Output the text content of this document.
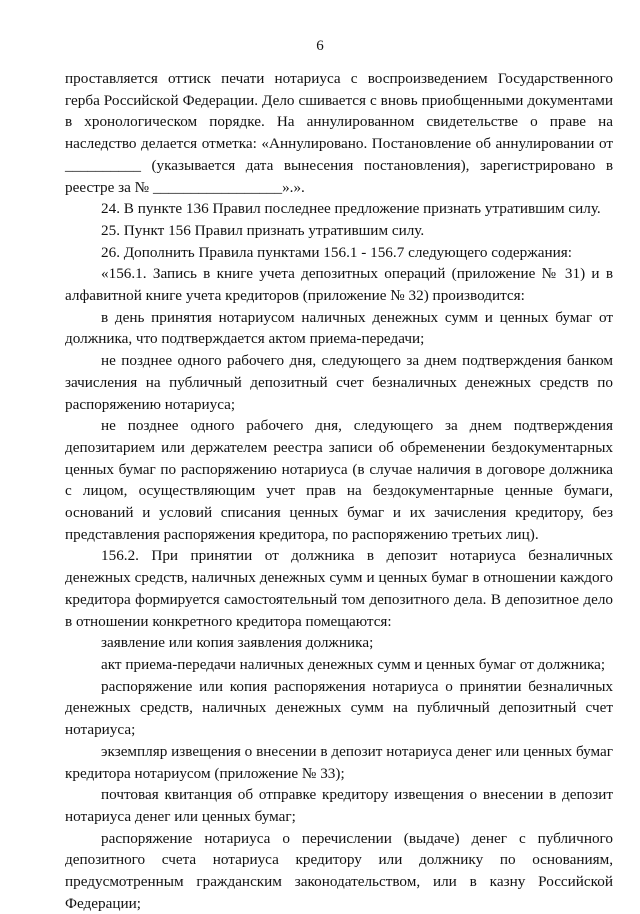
6

проставляется оттиск печати нотариуса с воспроизведением Государственного герба Российской Федерации. Дело сшивается с вновь приобщенными документами в хронологическом порядке. На аннулированном свидетельстве о праве на наследство делается отметка: «Аннулировано. Постановление об аннулировании от __________ (указывается дата вынесения постановления), зарегистрировано в реестре за № _________________».».

24. В пункте 136 Правил последнее предложение признать утратившим силу.

25. Пункт 156 Правил признать утратившим силу.

26. Дополнить Правила пунктами 156.1 - 156.7 следующего содержания:

«156.1. Запись в книге учета депозитных операций (приложение № 31) и в алфавитной книге учета кредиторов (приложение № 32) производится:

в день принятия нотариусом наличных денежных сумм и ценных бумаг от должника, что подтверждается актом приема-передачи;

не позднее одного рабочего дня, следующего за днем подтверждения банком зачисления на публичный депозитный счет безналичных денежных средств по распоряжению нотариуса;

не позднее одного рабочего дня, следующего за днем подтверждения депозитарием или держателем реестра записи об обременении бездокументарных ценных бумаг по распоряжению нотариуса (в случае наличия в договоре должника с лицом, осуществляющим учет прав на бездокументарные ценные бумаги, оснований и условий списания ценных бумаг и их зачисления кредитору, без представления распоряжения кредитора, по распоряжению третьих лиц).

156.2. При принятии от должника в депозит нотариуса безналичных денежных средств, наличных денежных сумм и ценных бумаг в отношении каждого кредитора формируется самостоятельный том депозитного дела. В депозитное дело в отношении конкретного кредитора помещаются:

заявление или копия заявления должника;

акт приема-передачи наличных денежных сумм и ценных бумаг от должника;

распоряжение или копия распоряжения нотариуса о принятии безналичных денежных средств, наличных денежных сумм на публичный депозитный счет нотариуса;

экземпляр извещения о внесении в депозит нотариуса денег или ценных бумаг кредитора нотариусом (приложение № 33);

почтовая квитанция об отправке кредитору извещения о внесении в депозит нотариуса денег или ценных бумаг;

распоряжение нотариуса о перечислении (выдаче) денег с публичного депозитного счета нотариуса кредитору или должнику по основаниям, предусмотренным гражданским законодательством, или в казну Российской Федерации;
